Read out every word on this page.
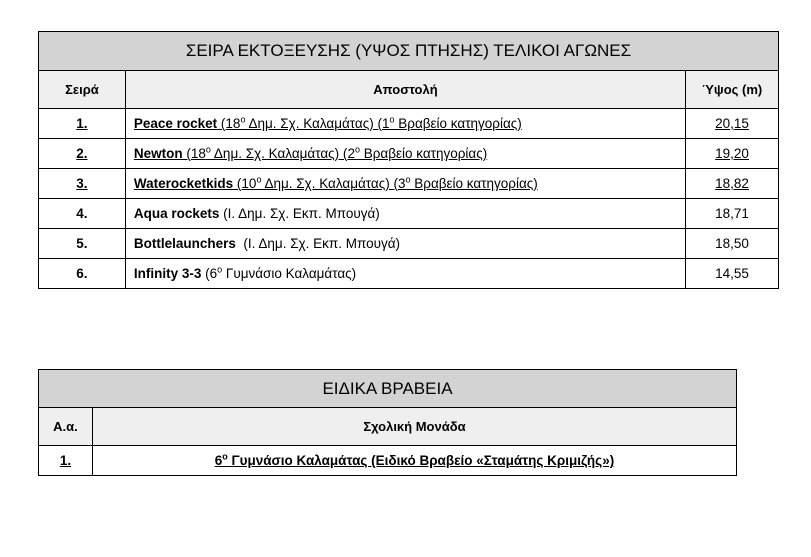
ΣΕΙΡΑ ΕΚΤΟΞΕΥΣΗΣ (ΥΨΟΣ ΠΤΗΣΗΣ) ΤΕΛΙΚΟΙ ΑΓΩΝΕΣ		
Σειρά	Αποστολή	Ύψος (m)
1.	Peace rocket ($18^o$ Δημ. Σχ. Καλαμάτας) ($1^o$ Βραβείο κατηγορίας)	20,15
2.	Newton ($18^o$ Δημ. Σχ. Καλαμάτας) ($2^o$ Βραβείο κατηγορίας)	19,20
3.	Waterocketkids ($10^o$ Δημ. Σχ. Καλαμάτας) ($3^o$ Βραβείο κατηγορίας)	18,82
4.	Aqua rockets (Ι. Δημ. Σχ. Εκπ. Μπουγά)	18,71
5.	Bottlelaunchers  (Ι. Δημ. Σχ. Εκπ. Μπουγά)	18,50
6.	Infinity 3-3 ($6^o$ Γυμνάσιο Καλαμάτας)	14,55
ΕΙΔΙΚΑ ΒΡΑΒΕΙΑ	
Α.α.	Σχολική Μονάδα
1.	$6^o$ Γυμνάσιο Καλαμάτας (Ειδικό Βραβείο «Σταμάτης Κριμιζής»)
